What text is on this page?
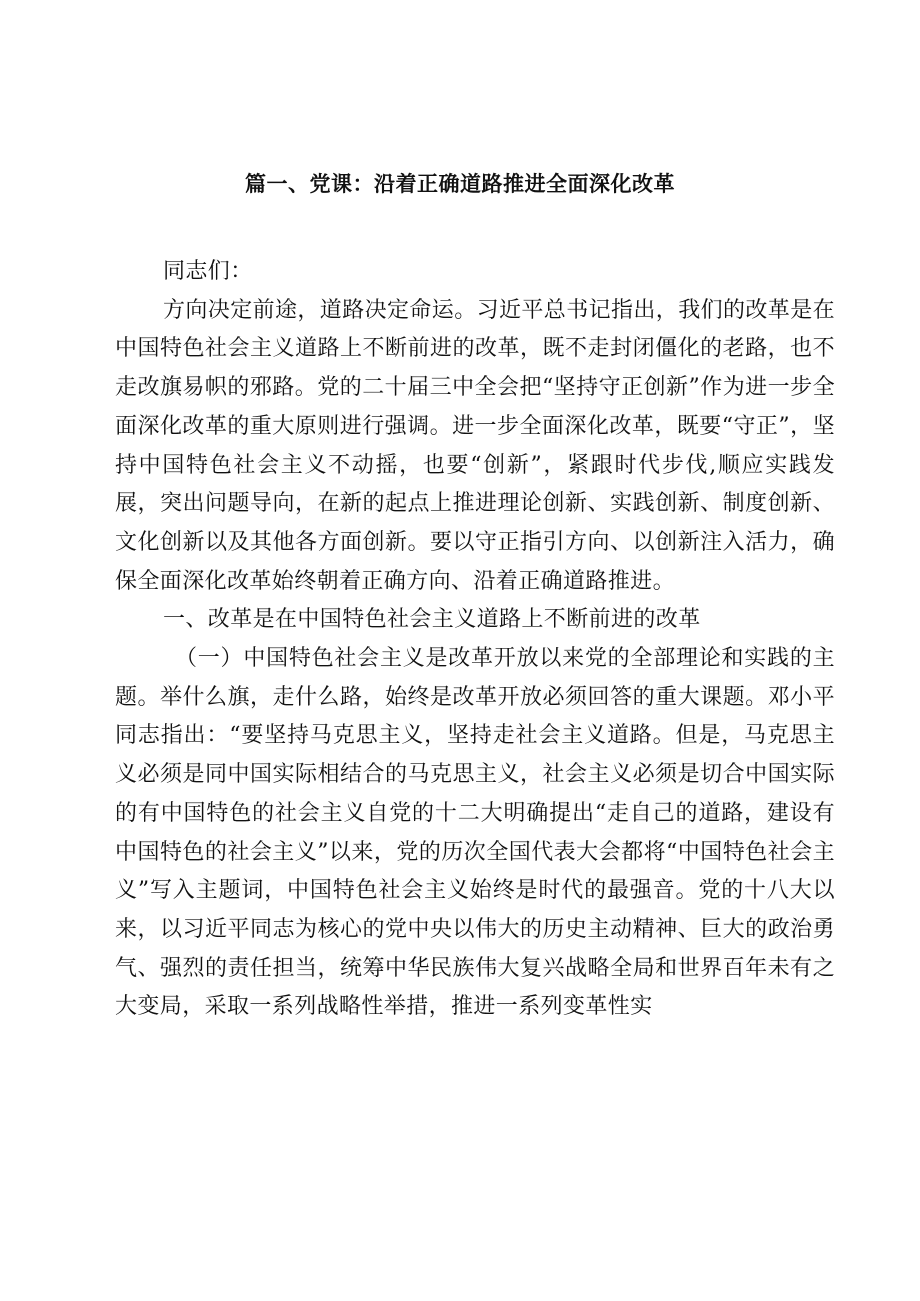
篇一、党课：沿着正确道路推进全面深化改革

同志们：

方向决定前途，道路决定命运。习近平总书记指出，我们的改革是在中国特色社会主义道路上不断前进的改革，既不走封闭僵化的老路，也不走改旗易帜的邪路。党的二十届三中全会把“坚持守正创新”作为进一步全面深化改革的重大原则进行强调。进一步全面深化改革，既要“守正”，坚持中国特色社会主义不动摇，也要“创新”，紧跟时代步伐,顺应实践发展，突出问题导向，在新的起点上推进理论创新、实践创新、制度创新、文化创新以及其他各方面创新。要以守正指引方向、以创新注入活力，确保全面深化改革始终朝着正确方向、沿着正确道路推进。

一、改革是在中国特色社会主义道路上不断前进的改革

（一）中国特色社会主义是改革开放以来党的全部理论和实践的主题。举什么旗，走什么路，始终是改革开放必须回答的重大课题。邓小平同志指出：“要坚持马克思主义，坚持走社会主义道路。但是，马克思主义必须是同中国实际相结合的马克思主义，社会主义必须是切合中国实际的有中国特色的社会主义自党的十二大明确提出“走自己的道路，建设有中国特色的社会主义”以来，党的历次全国代表大会都将“中国特色社会主义”写入主题词，中国特色社会主义始终是时代的最强音。党的十八大以来，以习近平同志为核心的党中央以伟大的历史主动精神、巨大的政治勇气、强烈的责任担当，统筹中华民族伟大复兴战略全局和世界百年未有之大变局，采取一系列战略性举措，推进一系列变革性实
